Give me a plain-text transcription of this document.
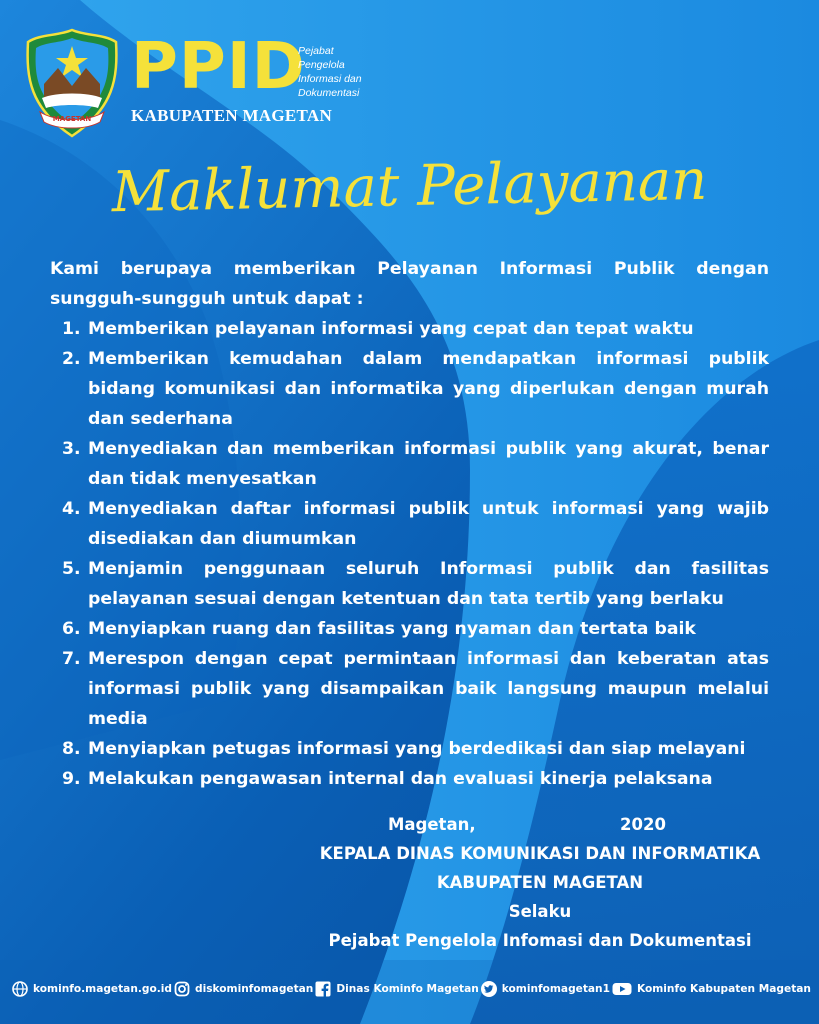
MAGETAN
PPID
Pejabat
Pengelola
Informasi dan
Dokumentasi
KABUPATEN MAGETAN
Maklumat Pelayanan
Kami berupaya memberikan Pelayanan Informasi Publik dengan sungguh-sungguh untuk dapat :
1. Memberikan pelayanan informasi yang cepat dan tepat waktu
2. Memberikan kemudahan dalam mendapatkan informasi publik bidang komunikasi dan informatika yang diperlukan dengan murah dan sederhana
3. Menyediakan dan memberikan informasi publik yang akurat, benar dan tidak menyesatkan
4. Menyediakan daftar informasi publik untuk informasi yang wajib disediakan dan diumumkan
5. Menjamin penggunaan seluruh Informasi publik dan fasilitas pelayanan sesuai dengan ketentuan dan tata tertib yang berlaku
6. Menyiapkan ruang dan fasilitas yang nyaman dan tertata baik
7. Merespon dengan cepat permintaan informasi dan keberatan atas informasi publik yang disampaikan baik langsung maupun melalui media
8. Menyiapkan petugas informasi yang berdedikasi dan siap melayani
9. Melakukan pengawasan internal dan evaluasi kinerja pelaksana
Magetan,	2020
KEPALA DINAS KOMUNIKASI DAN INFORMATIKA
KABUPATEN MAGETAN
Selaku
Pejabat Pengelola Infomasi dan Dokumentasi
kominfo.magetan.go.id diskominfomagetan Dinas Kominfo Magetan kominfomagetan1	Kominfo Kabupaten Magetan
